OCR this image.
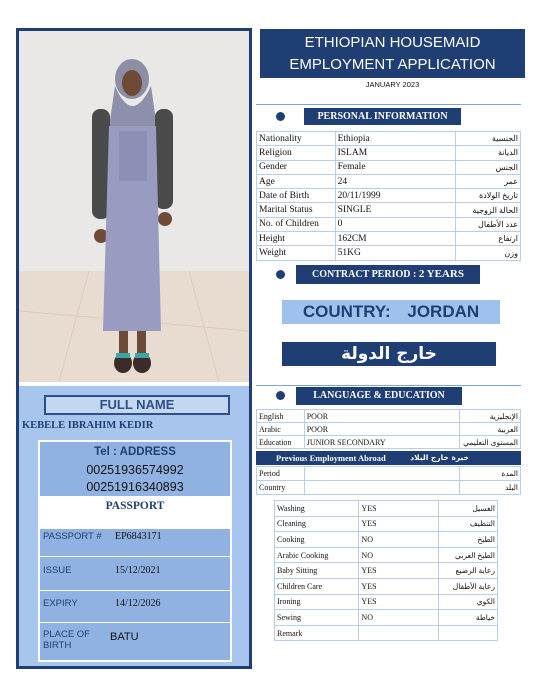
FULL NAME
KEBELE IBRAHIM KEDIR
Tel : ADDRESS
00251936574992
00251916340893
PASSPORT
PASSPORT # EP6843171
ISSUE	15/12/2021
EXPIRY	14/12/2026
PLACE OF
BIRTH
BATU
ETHIOPIAN HOUSEMAID
EMPLOYMENT APPLICATION
JANUARY 2023
PERSONAL INFORMATION
Nationality	Ethiopia	الجنسية
Religion	ISLAM	الديانة
Gender	Female	الجنس
Age	24	عمر
Date of Birth	20/11/1999	تاريخ الولادة
Marital Status	SINGLE	الحالة الزوجية
No. of Children	0	عدد الأطفال
Height	162CM	ارتفاع
Weight	51KG	وزن
CONTRACT PERIOD : 2 YEARS
COUNTRY: JORDAN
خارج الدولة
LANGUAGE & EDUCATION
English	POOR	الإنجليزية
Arabic	POOR	العربية
Education	JUNIOR SECONDARY	المستوى التعليمي
Previous Employment Abroad	خبرة خارج البلاد
Period		المدة
Country		البلد
Washing	YES	الغسيل
Cleaning	YES	التنظيف
Cooking	NO	الطبخ
Arabic Cooking	NO	الطبخ العربي
Baby Sitting	YES	رعاية الرضيع
Children Care	YES	رعاية الأطفال
Ironing	YES	الكوي
Sewing	NO	خياطة
Remark		
